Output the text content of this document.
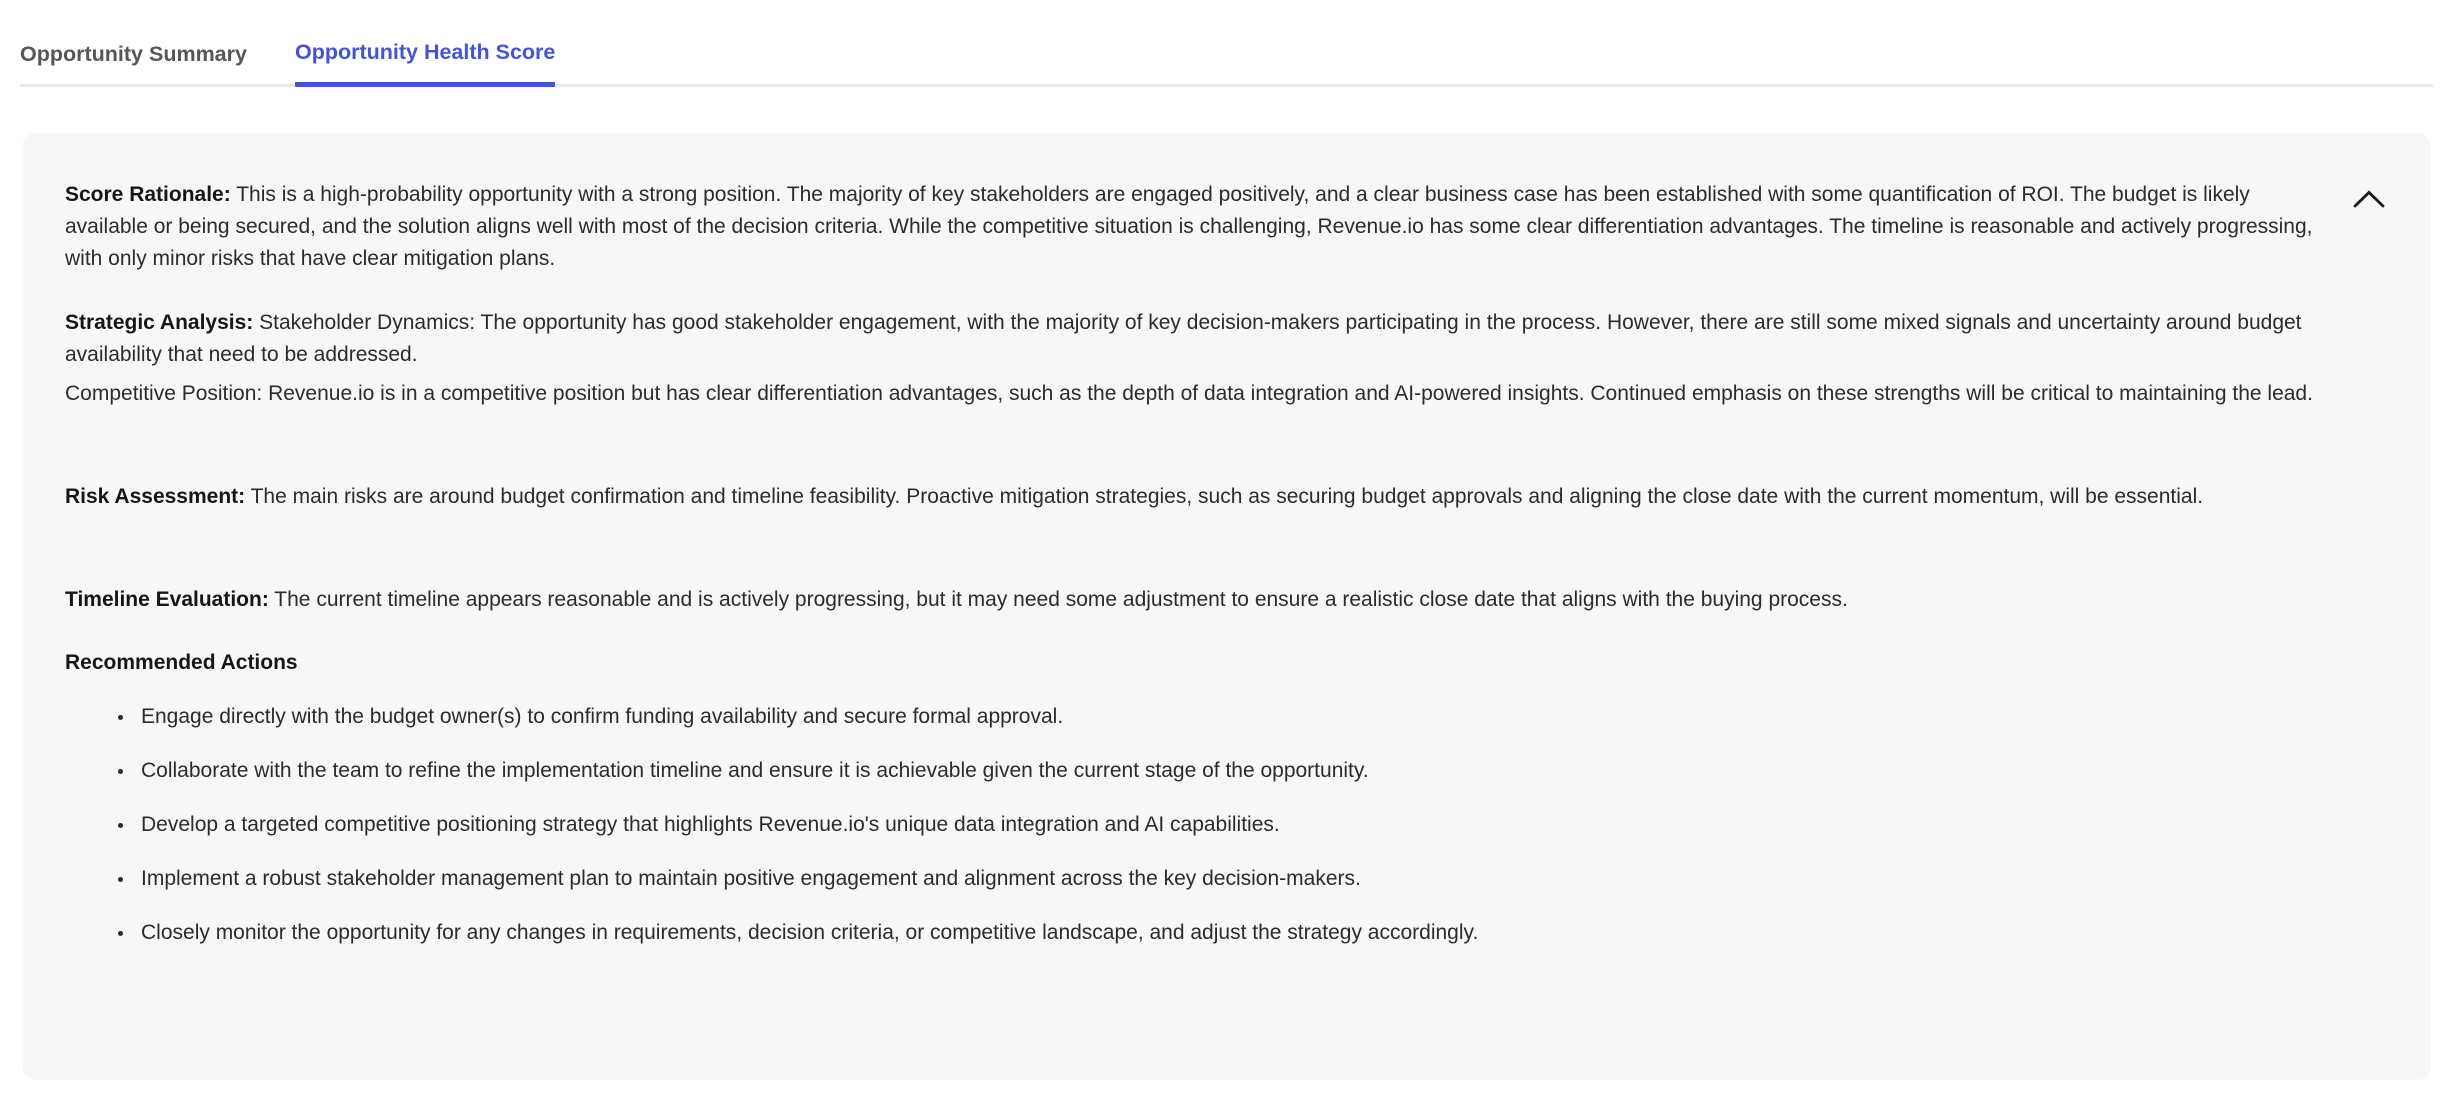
Opportunity Summary Opportunity Health Score

Score Rationale: This is a high-probability opportunity with a strong position. The majority of key stakeholders are engaged positively, and a clear business case has been established with some quantification of ROI. The budget is likely available or being secured, and the solution aligns well with most of the decision criteria. While the competitive situation is challenging, Revenue.io has some clear differentiation advantages. The timeline is reasonable and actively progressing, with only minor risks that have clear mitigation plans.

Strategic Analysis: Stakeholder Dynamics: The opportunity has good stakeholder engagement, with the majority of key decision-makers participating in the process. However, there are still some mixed signals and uncertainty around budget availability that need to be addressed.

Competitive Position: Revenue.io is in a competitive position but has clear differentiation advantages, such as the depth of data integration and AI-powered insights. Continued emphasis on these strengths will be critical to maintaining the lead.

Risk Assessment: The main risks are around budget confirmation and timeline feasibility. Proactive mitigation strategies, such as securing budget approvals and aligning the close date with the current momentum, will be essential.

Timeline Evaluation: The current timeline appears reasonable and is actively progressing, but it may need some adjustment to ensure a realistic close date that aligns with the buying process.

Recommended Actions
• Engage directly with the budget owner(s) to confirm funding availability and secure formal approval.
• Collaborate with the team to refine the implementation timeline and ensure it is achievable given the current stage of the opportunity.
• Develop a targeted competitive positioning strategy that highlights Revenue.io's unique data integration and AI capabilities.
• Implement a robust stakeholder management plan to maintain positive engagement and alignment across the key decision-makers.
• Closely monitor the opportunity for any changes in requirements, decision criteria, or competitive landscape, and adjust the strategy accordingly.
